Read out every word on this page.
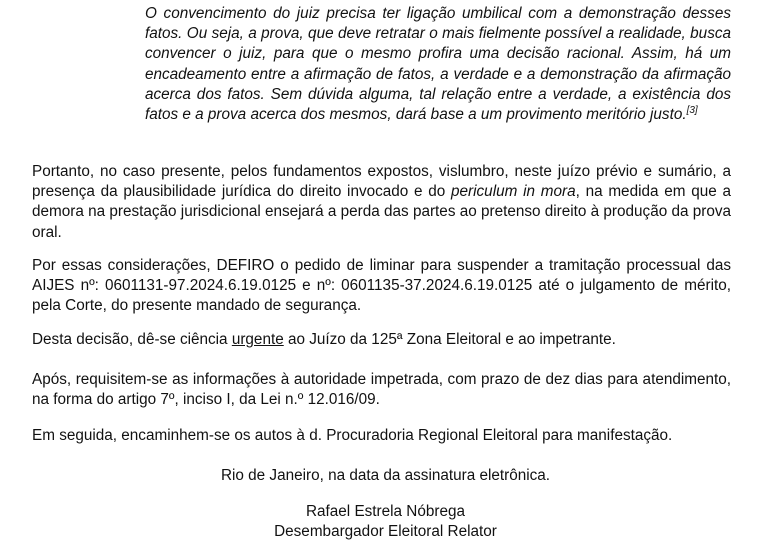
O convencimento do juiz precisa ter ligação umbilical com a demonstração desses fatos. Ou seja, a prova, que deve retratar o mais fielmente possível a realidade, busca convencer o juiz, para que o mesmo profira uma decisão racional. Assim, há um encadeamento entre a afirmação de fatos, a verdade e a demonstração da afirmação acerca dos fatos. Sem dúvida alguma, tal relação entre a verdade, a existência dos fatos e a prova acerca dos mesmos, dará base a um provimento meritório justo.[3]

Portanto, no caso presente, pelos fundamentos expostos, vislumbro, neste juízo prévio e sumário, a presença da plausibilidade jurídica do direito invocado e do periculum in mora, na medida em que a demora na prestação jurisdicional ensejará a perda das partes ao pretenso direito à produção da prova oral.

Por essas considerações, DEFIRO o pedido de liminar para suspender a tramitação processual das AIJES nº: 0601131-97.2024.6.19.0125 e nº: 0601135-37.2024.6.19.0125 até o julgamento de mérito, pela Corte, do presente mandado de segurança.

Desta decisão, dê-se ciência urgente ao Juízo da 125ª Zona Eleitoral e ao impetrante.

Após, requisitem-se as informações à autoridade impetrada, com prazo de dez dias para atendimento, na forma do artigo 7º, inciso I, da Lei n.º 12.016/09.

Em seguida, encaminhem-se os autos à d. Procuradoria Regional Eleitoral para manifestação.

Rio de Janeiro, na data da assinatura eletrônica.

Rafael Estrela Nóbrega

Desembargador Eleitoral Relator
